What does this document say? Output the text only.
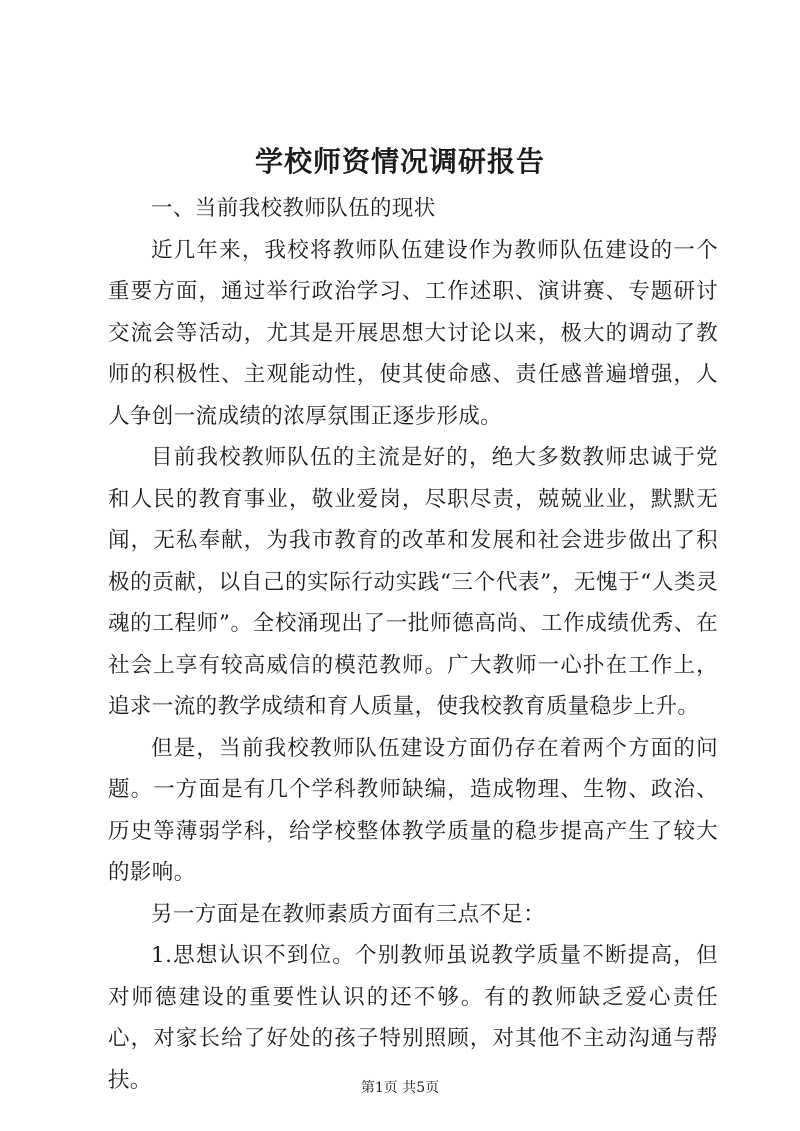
学校师资情况调研报告

一、当前我校教师队伍的现状

近几年来，我校将教师队伍建设作为教师队伍建设的一个重要方面，通过举行政治学习、工作述职、演讲赛、专题研讨交流会等活动，尤其是开展思想大讨论以来，极大的调动了教师的积极性、主观能动性，使其使命感、责任感普遍增强，人人争创一流成绩的浓厚氛围正逐步形成。

目前我校教师队伍的主流是好的，绝大多数教师忠诚于党和人民的教育事业，敬业爱岗，尽职尽责，兢兢业业，默默无闻，无私奉献，为我市教育的改革和发展和社会进步做出了积极的贡献，以自己的实际行动实践“三个代表”，无愧于“人类灵魂的工程师”。全校涌现出了一批师德高尚、工作成绩优秀、在社会上享有较高威信的模范教师。广大教师一心扑在工作上，追求一流的教学成绩和育人质量，使我校教育质量稳步上升。

但是，当前我校教师队伍建设方面仍存在着两个方面的问题。一方面是有几个学科教师缺编，造成物理、生物、政治、历史等薄弱学科，给学校整体教学质量的稳步提高产生了较大的影响。

另一方面是在教师素质方面有三点不足：

1.思想认识不到位。个别教师虽说教学质量不断提高，但对师德建设的重要性认识的还不够。有的教师缺乏爱心责任心，对家长给了好处的孩子特别照顾，对其他不主动沟通与帮扶。	第1页 共5页
